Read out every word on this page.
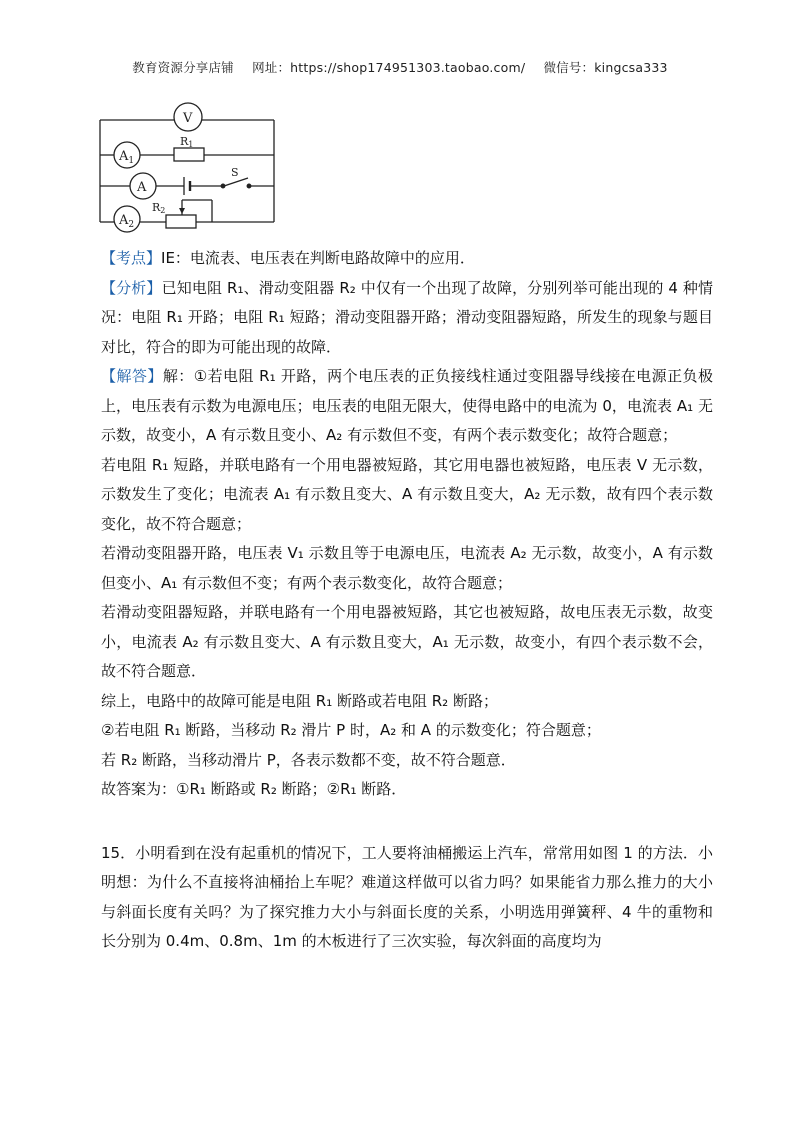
教育资源分享店铺 网址：https://shop174951303.taobao.com/ 微信号：kingcsa333
V
$A_1$
A
$A_2$
R1
S
R2

【考点】IE：电流表、电压表在判断电路故障中的应用．

【分析】已知电阻 R₁、滑动变阻器 R₂ 中仅有一个出现了故障，分别列举可能出现的 4 种情况：电阻 R₁ 开路；电阻 R₁ 短路；滑动变阻器开路；滑动变阻器短路，所发生的现象与题目对比，符合的即为可能出现的故障．

【解答】解：①若电阻 R₁ 开路，两个电压表的正负接线柱通过变阻器导线接在电源正负极上，电压表有示数为电源电压；电压表的电阻无限大，使得电路中的电流为 0，电流表 A₁ 无示数，故变小，A 有示数且变小、A₂ 有示数但不变，有两个表示数变化；故符合题意；

若电阻 R₁ 短路，并联电路有一个用电器被短路，其它用电器也被短路，电压表 V 无示数，示数发生了变化；电流表 A₁ 有示数且变大、A 有示数且变大，A₂ 无示数，故有四个表示数变化，故不符合题意；

若滑动变阻器开路，电压表 V₁ 示数且等于电源电压，电流表 A₂ 无示数，故变小，A 有示数但变小、A₁ 有示数但不变；有两个表示数变化，故符合题意；

若滑动变阻器短路，并联电路有一个用电器被短路，其它也被短路，故电压表无示数，故变小，电流表 A₂ 有示数且变大、A 有示数且变大，A₁ 无示数，故变小，有四个表示数不会，故不符合题意．

综上，电路中的故障可能是电阻 R₁ 断路或若电阻 R₂ 断路；

②若电阻 R₁ 断路，当移动 R₂ 滑片 P 时，A₂ 和 A 的示数变化；符合题意；

若 R₂ 断路，当移动滑片 P，各表示数都不变，故不符合题意．

故答案为：①R₁ 断路或 R₂ 断路；②R₁ 断路．

15．小明看到在没有起重机的情况下，工人要将油桶搬运上汽车，常常用如图 1 的方法．小明想：为什么不直接将油桶抬上车呢？难道这样做可以省力吗？如果能省力那么推力的大小与斜面长度有关吗？为了探究推力大小与斜面长度的关系，小明选用弹簧秤、4 牛的重物和长分别为 0.4m、0.8m、1m 的木板进行了三次实验，每次斜面的高度均为
